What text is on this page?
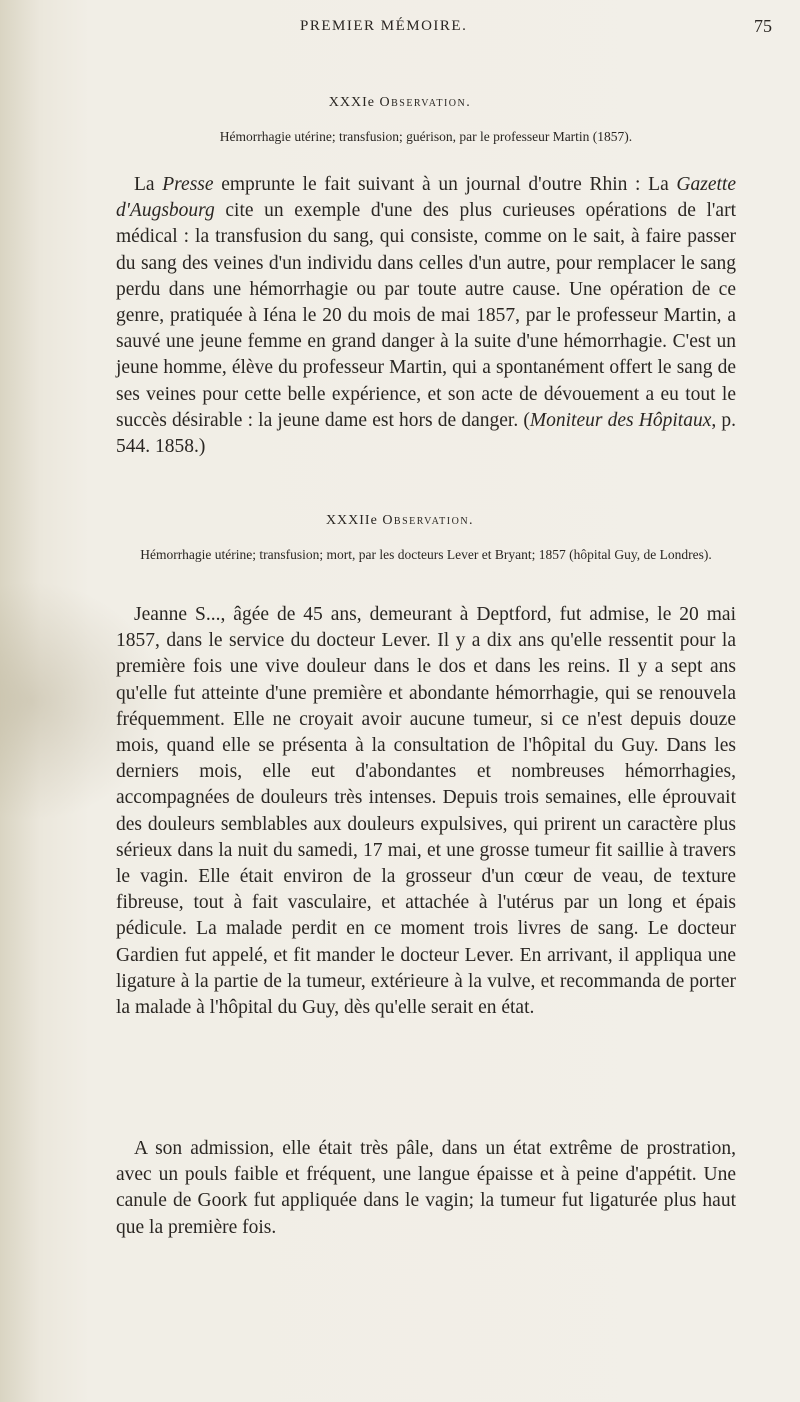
PREMIER MÉMOIRE.	75

XXXIe Observation.

Hémorrhagie utérine; transfusion; guérison, par le professeur Martin (1857).

La Presse emprunte le fait suivant à un journal d'outre Rhin : La Gazette d'Augsbourg cite un exemple d'une des plus curieuses opérations de l'art médical : la transfusion du sang, qui consiste, comme on le sait, à faire passer du sang des veines d'un individu dans celles d'un autre, pour remplacer le sang perdu dans une hémorrhagie ou par toute autre cause. Une opération de ce genre, pratiquée à Iéna le 20 du mois de mai 1857, par le professeur Martin, a sauvé une jeune femme en grand danger à la suite d'une hémorrhagie. C'est un jeune homme, élève du professeur Martin, qui a spontanément offert le sang de ses veines pour cette belle expérience, et son acte de dévouement a eu tout le succès désirable : la jeune dame est hors de danger. (Moniteur des Hôpitaux, p. 544. 1858.)

XXXIIe Observation.

Hémorrhagie utérine; transfusion; mort, par les docteurs Lever et Bryant; 1857 (hôpital Guy, de Londres).

Jeanne S..., âgée de 45 ans, demeurant à Deptford, fut admise, le 20 mai 1857, dans le service du docteur Lever. Il y a dix ans qu'elle ressentit pour la première fois une vive douleur dans le dos et dans les reins. Il y a sept ans qu'elle fut atteinte d'une première et abondante hémorrhagie, qui se renouvela fréquemment. Elle ne croyait avoir aucune tumeur, si ce n'est depuis douze mois, quand elle se présenta à la consultation de l'hôpital du Guy. Dans les derniers mois, elle eut d'abondantes et nombreuses hémorrhagies, accompagnées de douleurs très intenses. Depuis trois semaines, elle éprouvait des douleurs semblables aux douleurs expulsives, qui prirent un caractère plus sérieux dans la nuit du samedi, 17 mai, et une grosse tumeur fit saillie à travers le vagin. Elle était environ de la grosseur d'un cœur de veau, de texture fibreuse, tout à fait vasculaire, et attachée à l'utérus par un long et épais pédicule. La malade perdit en ce moment trois livres de sang. Le docteur Gardien fut appelé, et fit mander le docteur Lever. En arrivant, il appliqua une ligature à la partie de la tumeur, extérieure à la vulve, et recommanda de porter la malade à l'hôpital du Guy, dès qu'elle serait en état.

A son admission, elle était très pâle, dans un état extrême de prostration, avec un pouls faible et fréquent, une langue épaisse et à peine d'appétit. Une canule de Goork fut appliquée dans le vagin; la tumeur fut ligaturée plus haut que la première fois.
